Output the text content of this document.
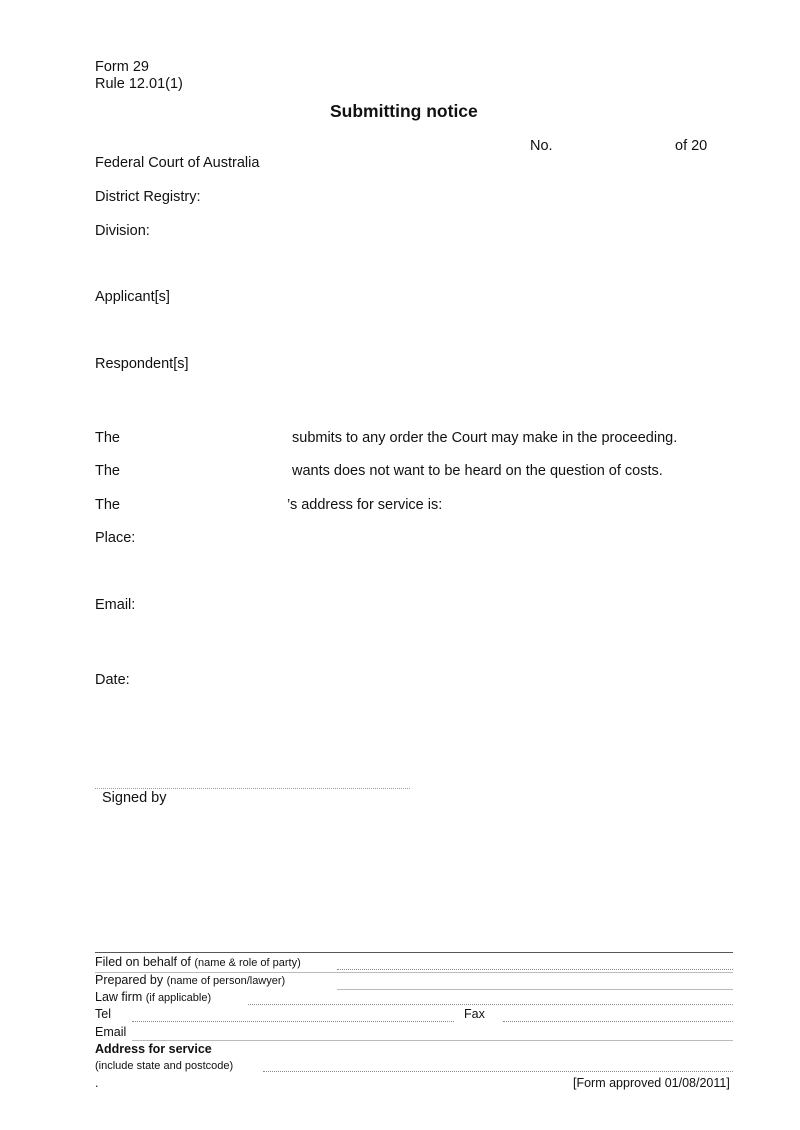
Form 29
Rule 12.01(1)
Submitting notice
No.	of 20
Federal Court of Australia
District Registry:
Division:
Applicant[s]
Respondent[s]
The	submits to any order the Court may make in the proceeding.
The	wants does not want to be heard on the question of costs.
The	’s address for service is:
Place:
Email:
Date:
Signed by
Filed on behalf of (name & role of party)
Prepared by (name of person/lawyer)
Law firm (if applicable)
Tel	Fax
Email
Address for service
(include state and postcode)
.	[Form approved 01/08/2011]
